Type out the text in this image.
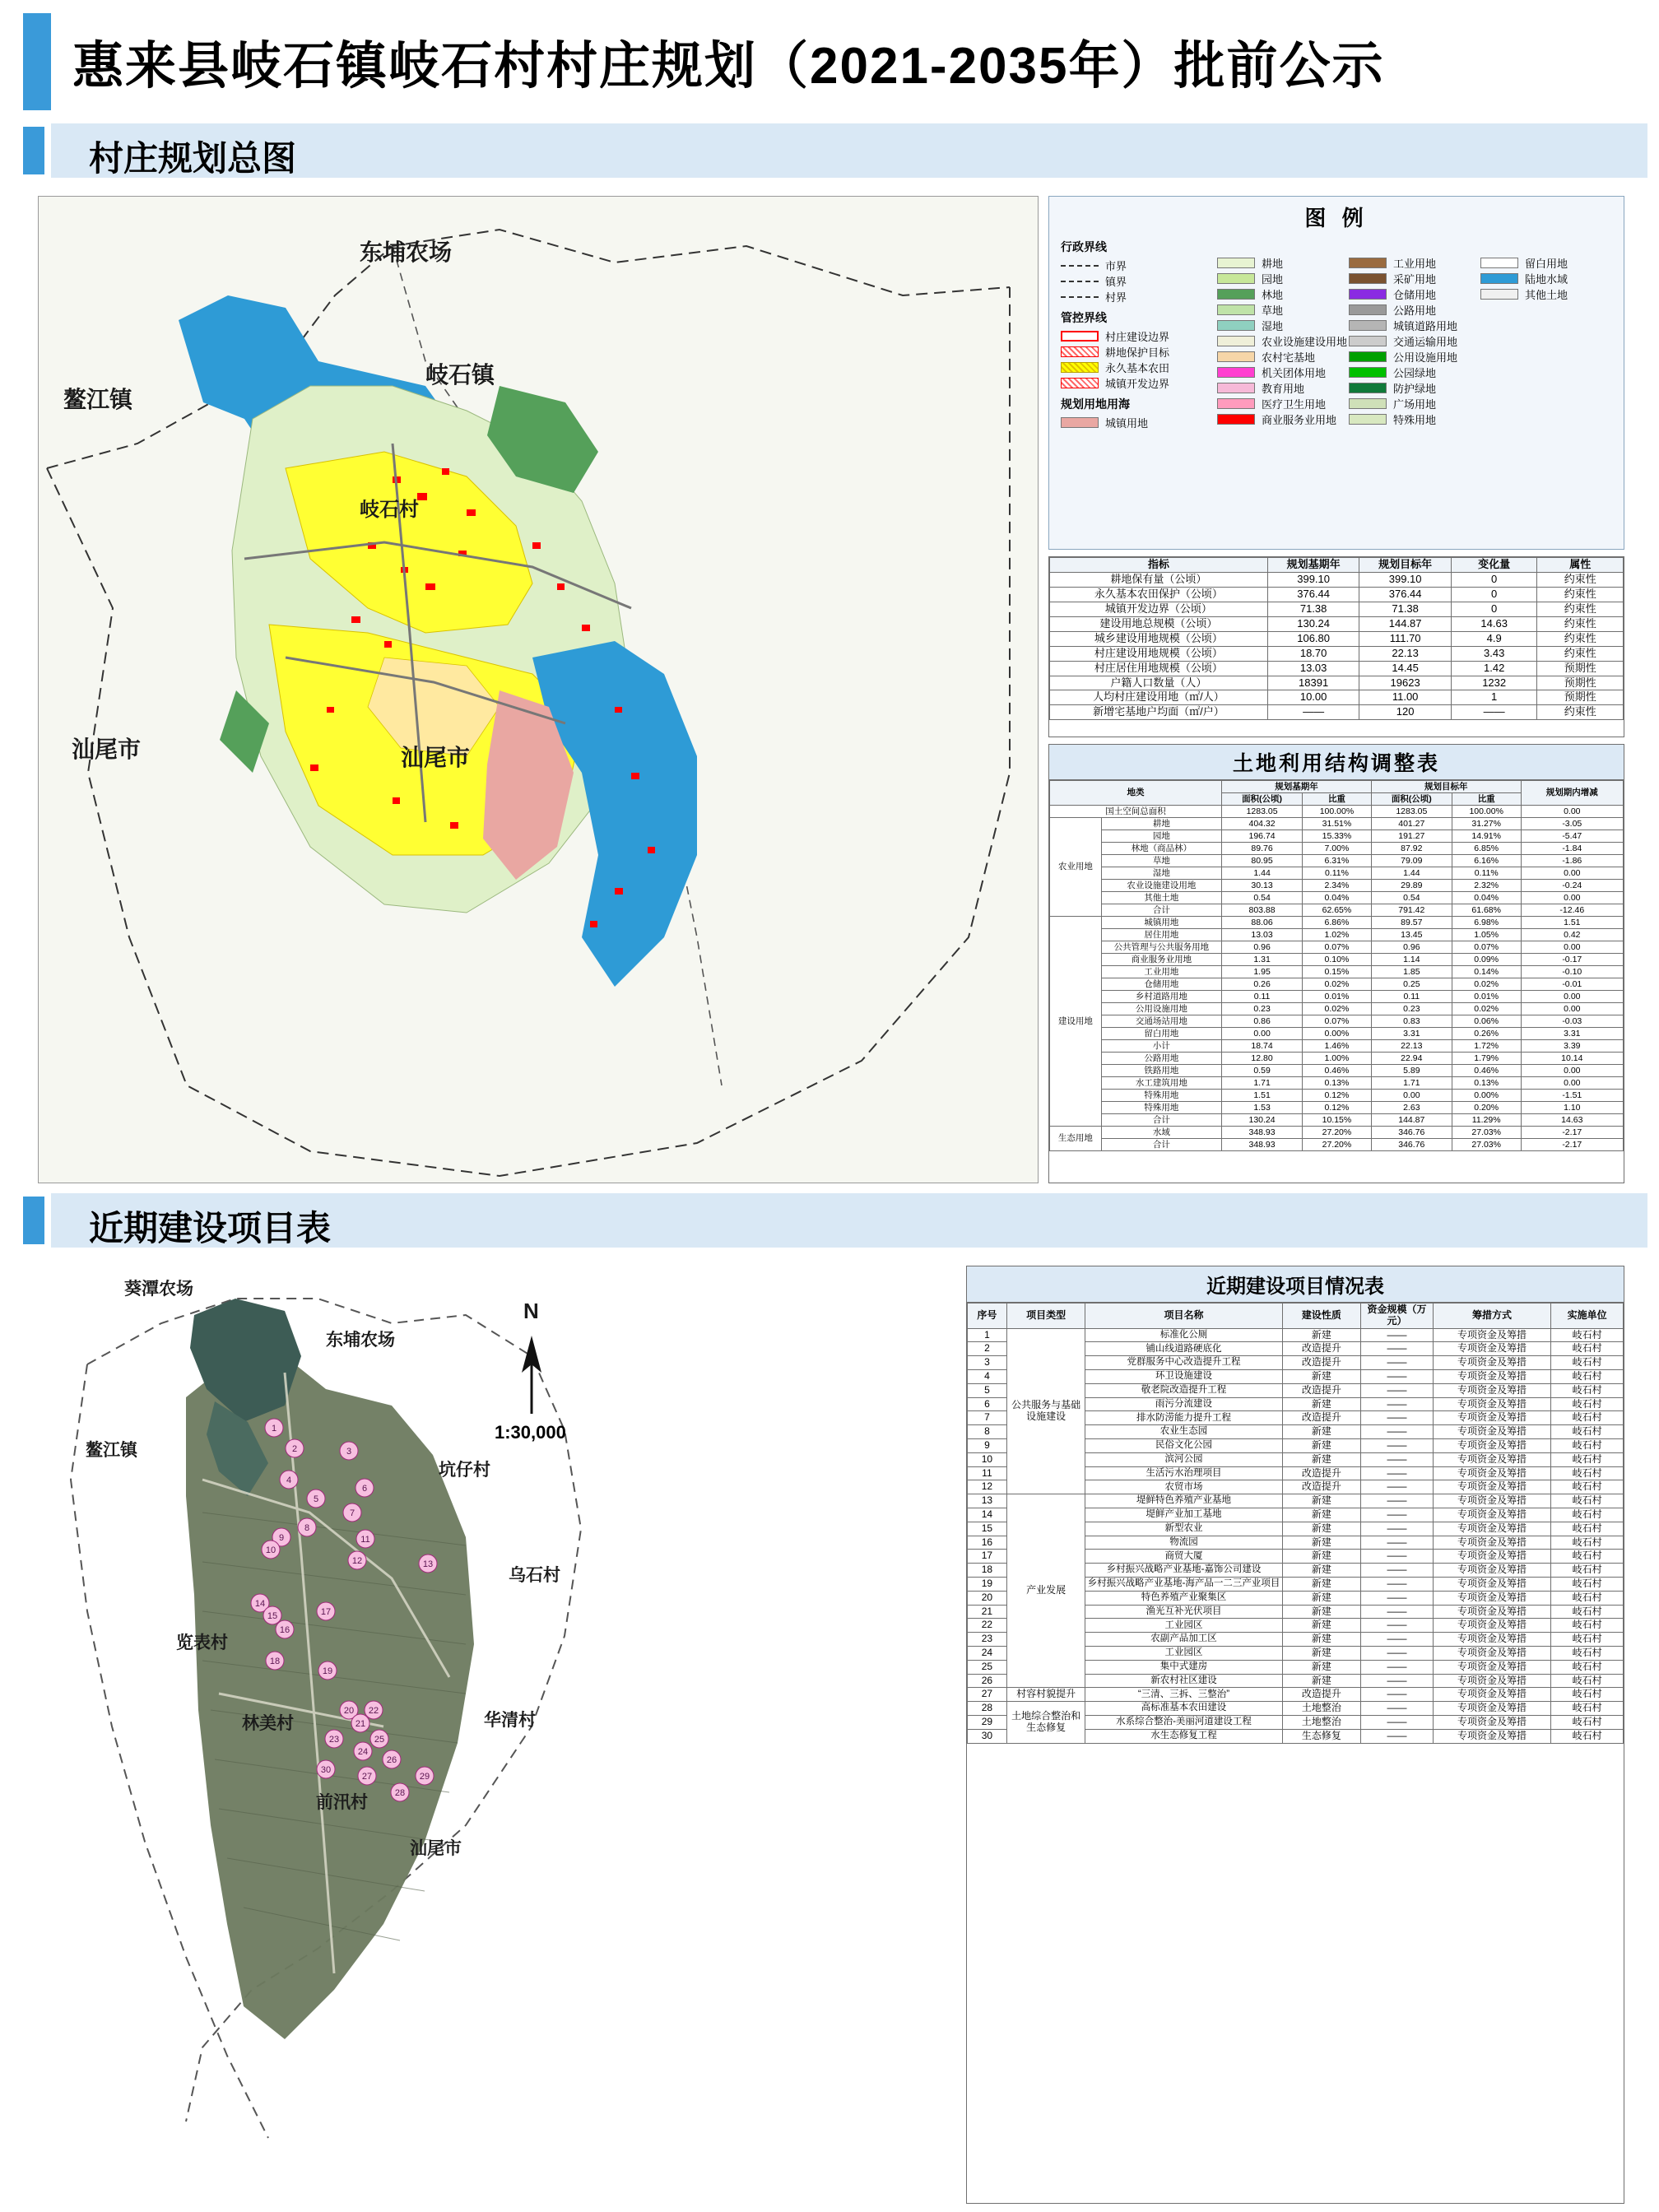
惠来县岐石镇岐石村村庄规划（2021-2035年）批前公示
村庄规划总图
东埔农场
岐石镇
鳌江镇
岐石村
汕尾市	汕尾市
图 例
行政界线
市界
镇界
村界
管控界线
村庄建设边界
耕地保护目标
永久基本农田
城镇开发边界
规划用地用海
城镇用地
耕地
园地
林地
草地
湿地
农业设施建设用地
农村宅基地
机关团体用地
教育用地
医疗卫生用地
商业服务业用地
工业用地
采矿用地
仓储用地
公路用地
城镇道路用地
交通运输用地
公用设施用地
公园绿地
防护绿地
广场用地
特殊用地
留白用地
陆地水域
其他土地
指标	规划基期年	规划目标年	变化量	属性
耕地保有量（公顷）	399.10	399.10	0	约束性
永久基本农田保护（公顷）	376.44	376.44	0	约束性
城镇开发边界（公顷）	71.38	71.38	0	约束性
建设用地总规模（公顷）	130.24	144.87	14.63	约束性
城乡建设用地规模（公顷）	106.80	111.70	4.9	约束性
村庄建设用地规模（公顷）	18.70	22.13	3.43	约束性
村庄居住用地规模（公顷）	13.03	14.45	1.42	预期性
户籍人口数量（人）	18391	19623	1232	预期性
人均村庄建设用地（㎡/人）	10.00	11.00	1	预期性
新增宅基地户均面（㎡/户）	——	120	——	约束性
土地利用结构调整表
地类		规划基期年		规划目标年		规划期内增减
		面积(公顷)	比重	面积(公顷)	比重	
国土空间总面积		1283.05	100.00%	1283.05	100.00%	0.00
农业用地	耕地	404.32	31.51%	401.27	31.27%	-3.05
	园地	196.74	15.33%	191.27	14.91%	-5.47
	林地（商品林）	89.76	7.00%	87.92	6.85%	-1.84
	草地	80.95	6.31%	79.09	6.16%	-1.86
	湿地	1.44	0.11%	1.44	0.11%	0.00
	农业设施建设用地	30.13	2.34%	29.89	2.32%	-0.24
	其他土地	0.54	0.04%	0.54	0.04%	0.00
	合计	803.88	62.65%	791.42	61.68%	-12.46
建设用地	城镇用地	88.06	6.86%	89.57	6.98%	1.51
	居住用地	13.03	1.02%	13.45	1.05%	0.42
	公共管理与公共服务用地	0.96	0.07%	0.96	0.07%	0.00
	商业服务业用地	1.31	0.10%	1.14	0.09%	-0.17
	工业用地	1.95	0.15%	1.85	0.14%	-0.10
	仓储用地	0.26	0.02%	0.25	0.02%	-0.01
	乡村道路用地	0.11	0.01%	0.11	0.01%	0.00
	公用设施用地	0.23	0.02%	0.23	0.02%	0.00
	交通场站用地	0.86	0.07%	0.83	0.06%	-0.03
	留白用地	0.00	0.00%	3.31	0.26%	3.31
	小计	18.74	1.46%	22.13	1.72%	3.39
	公路用地	12.80	1.00%	22.94	1.79%	10.14
	铁路用地	0.59	0.46%	5.89	0.46%	0.00
	水工建筑用地	1.71	0.13%	1.71	0.13%	0.00
	特殊用地	1.51	0.12%	0.00	0.00%	-1.51
	特殊用地	1.53	0.12%	2.63	0.20%	1.10
	合计	130.24	10.15%	144.87	11.29%	14.63
生态用地	水域	348.93	27.20%	346.76	27.03%	-2.17
	合计	348.93	27.20%	346.76	27.03%	-2.17
近期建设项目表
1
2	3
4
5
6
7
8
9
10
11
12	13
14
15
16
17
18
19
20
21
22
23
24
25
26
27
28
29
30
葵潭农场
东埔农场
鳌江镇
坑仔村
乌石村
览表村
林美村	华清村
前汛村
汕尾市
N
1:30,000
近期建设项目情况表
序号	项目类型	项目名称	建设性质	资金规模（万元）	筹措方式	实施单位
1	公共服务与基础设施建设	标准化公厕	新建	——	专项资金及筹措	岐石村
2		铺山线道路硬底化	改造提升	——	专项资金及筹措	岐石村
3		党群服务中心改造提升工程	改造提升	——	专项资金及筹措	岐石村
4		环卫设施建设	新建	——	专项资金及筹措	岐石村
5		敬老院改造提升工程	改造提升	——	专项资金及筹措	岐石村
6		雨污分流建设	新建	——	专项资金及筹措	岐石村
7		排水防涝能力提升工程	改造提升	——	专项资金及筹措	岐石村
8		农业生态园	新建	——	专项资金及筹措	岐石村
9		民俗文化公园	新建	——	专项资金及筹措	岐石村
10		滨河公园	新建	——	专项资金及筹措	岐石村
11		生活污水治理项目	改造提升	——	专项资金及筹措	岐石村
12		农贸市场	改造提升	——	专项资金及筹措	岐石村
13	产业发展	堤鲜特色养殖产业基地	新建	——	专项资金及筹措	岐石村
14		堤鲜产业加工基地	新建	——	专项资金及筹措	岐石村
15		新型农业	新建	——	专项资金及筹措	岐石村
16		物流园	新建	——	专项资金及筹措	岐石村
17		商贸大厦	新建	——	专项资金及筹措	岐石村
18		乡村振兴战略产业基地-嘉饰公司建设	新建	——	专项资金及筹措	岐石村
19		乡村振兴战略产业基地-海产品一二三产业项目	新建	——	专项资金及筹措	岐石村
20		特色养殖产业聚集区	新建	——	专项资金及筹措	岐石村
21		渔光互补光伏项目	新建	——	专项资金及筹措	岐石村
22		工业园区	新建	——	专项资金及筹措	岐石村
23		农副产品加工区	新建	——	专项资金及筹措	岐石村
24		工业园区	新建	——	专项资金及筹措	岐石村
25		集中式建房	新建	——	专项资金及筹措	岐石村
26		新农村社区建设	新建	——	专项资金及筹措	岐石村
27	村容村貌提升	“三清、三拆、三整治”	改造提升	——	专项资金及筹措	岐石村
28	土地综合整治和生态修复	高标准基本农田建设	土地整治	——	专项资金及筹措	岐石村
29		水系综合整治-美丽河道建设工程	土地整治	——	专项资金及筹措	岐石村
30		水生态修复工程	生态修复	——	专项资金及筹措	岐石村
